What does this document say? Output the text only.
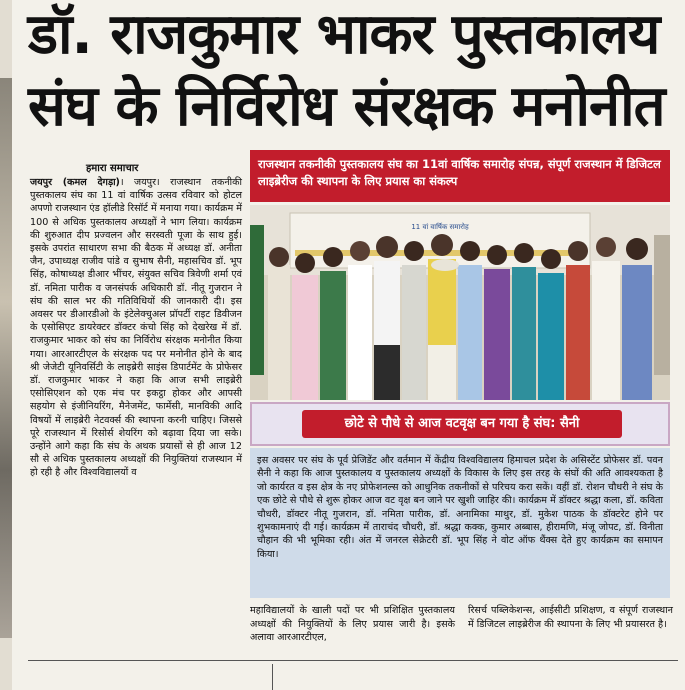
डॉ. राजकुमार भाकर पुस्तकालय
संघ के निर्विरोध संरक्षक मनोनीत
हमारा समाचार
जयपुर (कमल देगड़ा)। जयपुर। राजस्थान तकनीकी पुस्तकालय संघ का 11 वां वार्षिक उत्सव रविवार को होटल अपणो राजस्थान एंड हॉलीडे रिसॉर्ट में मनाया गया। कार्यक्रम में 100 से अधिक पुस्तकालय अध्यक्षों ने भाग लिया। कार्यक्रम की शुरुआत दीप प्रज्वलन और सरस्वती पूजा के साथ हुई। इसके उपरांत साधारण सभा की बैठक में अध्यक्ष डॉ. अनीता जैन, उपाध्यक्ष राजीव पांडे व सुभाष सैनी, महासचिव डॉ. भूप सिंह, कोषाध्यक्ष डीआर भींचर, संयुक्त सचिव त्रिवेणी शर्मा एवं डॉ. नमिता पारीक व जनसंपर्क अधिकारी डॉ. नीतू गुजरान ने संघ की साल भर की गतिविधियों की जानकारी दी। इस अवसर पर डीआरडीओ के इंटेलेक्चुअल प्रॉपर्टी राइट डिवीजन के एसोसिएट डायरेक्टर डॉक्टर कंचो सिंह को देखरेख में डॉ. राजकुमार भाकर को संघ का निर्विरोध संरक्षक मनोनीत किया गया। आरआरटीएल के संरक्षक पद पर मनोनीत होने के बाद श्री जेजेटी यूनिवर्सिटी के लाइब्रेरी साइंस डिपार्टमेंट के प्रोफेसर डॉ. राजकुमार भाकर ने कहा कि आज सभी लाइब्रेरी एसोसिएशन को एक मंच पर इकट्ठा होकर और आपसी सहयोग से इंजीनियरिंग, मैनेजमेंट, फार्मेसी, मानविकी आदि विषयों में लाइब्रेरी नेटवर्क्स की स्थापना करनी चाहिए। जिससे पूरे राजस्थान में रिसोर्स शेयरिंग को बढ़ावा दिया जा सके। उन्होंने आगे कहा कि संघ के अथक प्रयासों से ही आज 12 सौ से अधिक पुस्तकालय अध्यक्षों की नियुक्तियां राजस्थान में हो रही है और विश्वविद्यालयों व
राजस्थान तकनीकी पुस्तकालय संघ का 11वां वार्षिक समारोह संपन्न, संपूर्ण राजस्थान में डिजिटल लाइब्रेरीज की स्थापना के लिए प्रयास का संकल्प
11 वां वार्षिक समारोह
छोटे से पौधे से आज वटवृक्ष बन गया है संघ: सैनी
इस अवसर पर संघ के पूर्व प्रेजिडेंट और वर्तमान में केंद्रीय विश्वविद्यालय हिमाचल प्रदेश के असिस्टेंट प्रोफेसर डॉ. पवन सैनी ने कहा कि आज पुस्तकालय व पुस्तकालय अध्यक्षों के विकास के लिए इस तरह के संघों की अति आवश्यकता है जो कार्यरत व इस क्षेत्र के नए प्रोफेशनल्स को आधुनिक तकनीकों से परिचय करा सकें। वहीं डॉ. रोशन चौधरी ने संघ के एक छोटे से पौधे से शुरू होकर आज वट वृक्ष बन जाने पर खुशी जाहिर की। कार्यक्रम में डॉक्टर श्रद्धा कला, डॉ. कविता चौधरी, डॉक्टर नीतू गुजरान, डॉ. नमिता पारीक, डॉ. अनामिका माथुर, डॉ. मुकेश पाठक के डॉक्टरेट होने पर शुभकामनाएं दी गई। कार्यक्रम में ताराचंद चौधरी, डॉ. श्रद्धा कक्क, कुमार अब्बास, हीरामणि, मंजू जोपट, डॉ. विनीता चौहान की भी भूमिका रही। अंत में जनरल सेक्रेटरी डॉ. भूप सिंह ने वोट ऑफ थैंक्स देते हुए कार्यक्रम का समापन किया।
महाविद्यालयों के खाली पदों पर भी प्रशिक्षित पुस्तकालय अध्यक्षों की नियुक्तियों के लिए प्रयास जारी है। इसके अलावा आरआरटीएल,
रिसर्च पब्लिकेशन्स, आईसीटी प्रशिक्षण, व संपूर्ण राजस्थान में डिजिटल लाइब्रेरीज की स्थापना के लिए भी प्रयासरत है।
